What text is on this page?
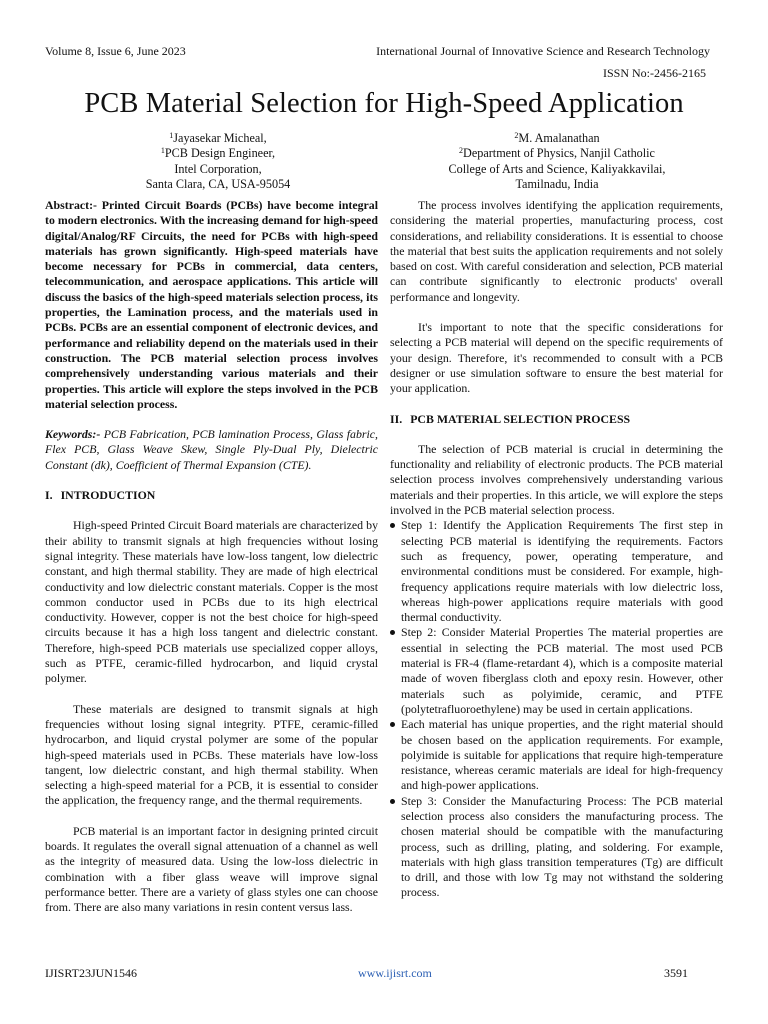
Volume 8, Issue 6, June 2023	International Journal of Innovative Science and Research Technology
ISSN No:-2456-2165
PCB Material Selection for High-Speed Application
$^1$Jayasekar Micheal,
$^1$PCB Design Engineer,
Intel Corporation,
Santa Clara, CA, USA-95054
$^2$M. Amalanathan
$^2$Department of Physics, Nanjil Catholic
College of Arts and Science, Kaliyakkavilai,
Tamilnadu, India

Abstract:- Printed Circuit Boards (PCBs) have become integral to modern electronics. With the increasing demand for high-speed digital/Analog/RF Circuits, the need for PCBs with high-speed materials has grown significantly. High-speed materials have become necessary for PCBs in commercial, data centers, telecommunication, and aerospace applications. This article will discuss the basics of the high-speed materials selection process, its properties, the Lamination process, and the materials used in PCBs. PCBs are an essential component of electronic devices, and performance and reliability depend on the materials used in their construction. The PCB material selection process involves comprehensively understanding various materials and their properties. This article will explore the steps involved in the PCB material selection process.

Keywords:- PCB Fabrication, PCB lamination Process, Glass fabric, Flex PCB, Glass Weave Skew, Single Ply-Dual Ply, Dielectric Constant (dk), Coefficient of Thermal Expansion (CTE).

I. INTRODUCTION

High-speed Printed Circuit Board materials are characterized by their ability to transmit signals at high frequencies without losing signal integrity. These materials have low-loss tangent, low dielectric constant, and high thermal stability. They are made of high electrical conductivity and low dielectric constant materials. Copper is the most common conductor used in PCBs due to its high electrical conductivity. However, copper is not the best choice for high-speed circuits because it has a high loss tangent and dielectric constant. Therefore, high-speed PCB materials use specialized copper alloys, such as PTFE, ceramic-filled hydrocarbon, and liquid crystal polymer.

These materials are designed to transmit signals at high frequencies without losing signal integrity. PTFE, ceramic-filled hydrocarbon, and liquid crystal polymer are some of the popular high-speed materials used in PCBs. These materials have low-loss tangent, low dielectric constant, and high thermal stability. When selecting a high-speed material for a PCB, it is essential to consider the application, the frequency range, and the thermal requirements.

PCB material is an important factor in designing printed circuit boards. It regulates the overall signal attenuation of a channel as well as the integrity of measured data. Using the low-loss dielectric in combination with a fiber glass weave will improve signal performance better. There are a variety of glass styles one can choose from. There are also many variations in resin content versus lass.

The process involves identifying the application requirements, considering the material properties, manufacturing process, cost considerations, and reliability considerations. It is essential to choose the material that best suits the application requirements and not solely based on cost. With careful consideration and selection, PCB material can contribute significantly to electronic products' overall performance and longevity.

It's important to note that the specific considerations for selecting a PCB material will depend on the specific requirements of your design. Therefore, it's recommended to consult with a PCB designer or use simulation software to ensure the best material for your application.

II. PCB MATERIAL SELECTION PROCESS

The selection of PCB material is crucial in determining the functionality and reliability of electronic products. The PCB material selection process involves comprehensively understanding various materials and their properties. In this article, we will explore the steps involved in the PCB material selection process.

Step 1: Identify the Application Requirements The first step in selecting PCB material is identifying the requirements. Factors such as frequency, power, operating temperature, and environmental conditions must be considered. For example, high-frequency applications require materials with low dielectric loss, whereas high-power applications require materials with good thermal conductivity.
Step 2: Consider Material Properties The material properties are essential in selecting the PCB material. The most used PCB material is FR-4 (flame-retardant 4), which is a composite material made of woven fiberglass cloth and epoxy resin. However, other materials such as polyimide, ceramic, and PTFE (polytetrafluoroethylene) may be used in certain applications.
Each material has unique properties, and the right material should be chosen based on the application requirements. For example, polyimide is suitable for applications that require high-temperature resistance, whereas ceramic materials are ideal for high-frequency and high-power applications.
Step 3: Consider the Manufacturing Process: The PCB material selection process also considers the manufacturing process. The chosen material should be compatible with the manufacturing process, such as drilling, plating, and soldering. For example, materials with high glass transition temperatures (Tg) are difficult to drill, and those with low Tg may not withstand the soldering process.
IJISRT23JUN1546	www.ijisrt.com	3591
